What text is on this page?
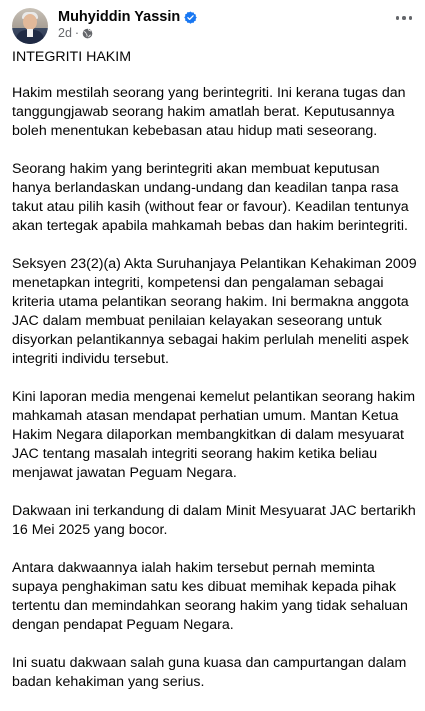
Muhyiddin Yassin
2d ·

INTEGRITI HAKIM

Hakim mestilah seorang yang berintegriti. Ini kerana tugas dan tanggungjawab seorang hakim amatlah berat. Keputusannya boleh menentukan kebebasan atau hidup mati seseorang.

Seorang hakim yang berintegriti akan membuat keputusan hanya berlandaskan undang-undang dan keadilan tanpa rasa takut atau pilih kasih (without fear or favour). Keadilan tentunya akan tertegak apabila mahkamah bebas dan hakim berintegriti.

Seksyen 23(2)(a) Akta Suruhanjaya Pelantikan Kehakiman 2009 menetapkan integriti, kompetensi dan pengalaman sebagai kriteria utama pelantikan seorang hakim. Ini bermakna anggota JAC dalam membuat penilaian kelayakan seseorang untuk disyorkan pelantikannya sebagai hakim perlulah meneliti aspek integriti individu tersebut.

Kini laporan media mengenai kemelut pelantikan seorang hakim mahkamah atasan mendapat perhatian umum. Mantan Ketua Hakim Negara dilaporkan membangkitkan di dalam mesyuarat JAC tentang masalah integriti seorang hakim ketika beliau menjawat jawatan Peguam Negara.

Dakwaan ini terkandung di dalam Minit Mesyuarat JAC bertarikh 16 Mei 2025 yang bocor.

Antara dakwaannya ialah hakim tersebut pernah meminta supaya penghakiman satu kes dibuat memihak kepada pihak tertentu dan memindahkan seorang hakim yang tidak sehaluan dengan pendapat Peguam Negara.

Ini suatu dakwaan salah guna kuasa dan campurtangan dalam badan kehakiman yang serius.
